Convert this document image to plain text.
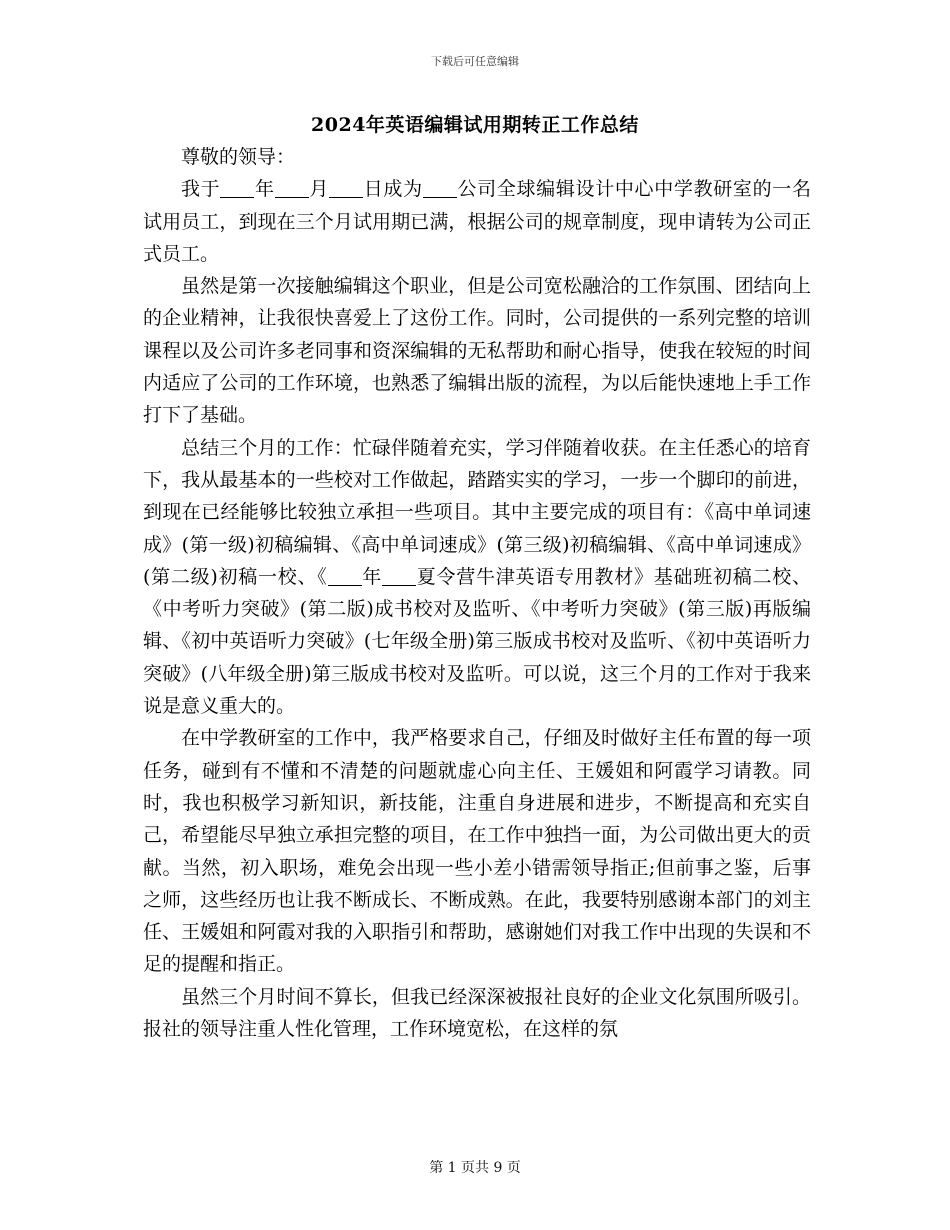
下载后可任意编辑
2024年英语编辑试用期转正工作总结

尊敬的领导：

我于 年 月 日成为 公司全球编辑设计中心中学教研室的一名试用员工，到现在三个月试用期已满，根据公司的规章制度，现申请转为公司正式员工。

虽然是第一次接触编辑这个职业，但是公司宽松融洽的工作氛围、团结向上的企业精神，让我很快喜爱上了这份工作。同时，公司提供的一系列完整的培训课程以及公司许多老同事和资深编辑的无私帮助和耐心指导，使我在较短的时间内适应了公司的工作环境，也熟悉了编辑出版的流程，为以后能快速地上手工作打下了基础。

总结三个月的工作：忙碌伴随着充实，学习伴随着收获。在主任悉心的培育下，我从最基本的一些校对工作做起，踏踏实实的学习，一步一个脚印的前进，到现在已经能够比较独立承担一些项目。其中主要完成的项目有：《高中单词速成》(第一级)初稿编辑、《高中单词速成》(第三级)初稿编辑、《高中单词速成》(第二级)初稿一校、《 年 夏令营牛津英语专用教材》基础班初稿二校、《中考听力突破》(第二版)成书校对及监听、《中考听力突破》(第三版)再版编辑、《初中英语听力突破》(七年级全册)第三版成书校对及监听、《初中英语听力突破》(八年级全册)第三版成书校对及监听。可以说，这三个月的工作对于我来说是意义重大的。

在中学教研室的工作中，我严格要求自己，仔细及时做好主任布置的每一项任务，碰到有不懂和不清楚的问题就虚心向主任、王媛姐和阿霞学习请教。同时，我也积极学习新知识，新技能，注重自身进展和进步，不断提高和充实自己，希望能尽早独立承担完整的项目，在工作中独挡一面，为公司做出更大的贡献。当然，初入职场，难免会出现一些小差小错需领导指正;但前事之鉴，后事之师，这些经历也让我不断成长、不断成熟。在此，我要特别感谢本部门的刘主任、王媛姐和阿霞对我的入职指引和帮助，感谢她们对我工作中出现的失误和不足的提醒和指正。

虽然三个月时间不算长，但我已经深深被报社良好的企业文化氛围所吸引。报社的领导注重人性化管理，工作环境宽松，在这样的氛

第 1 页共 9 页
